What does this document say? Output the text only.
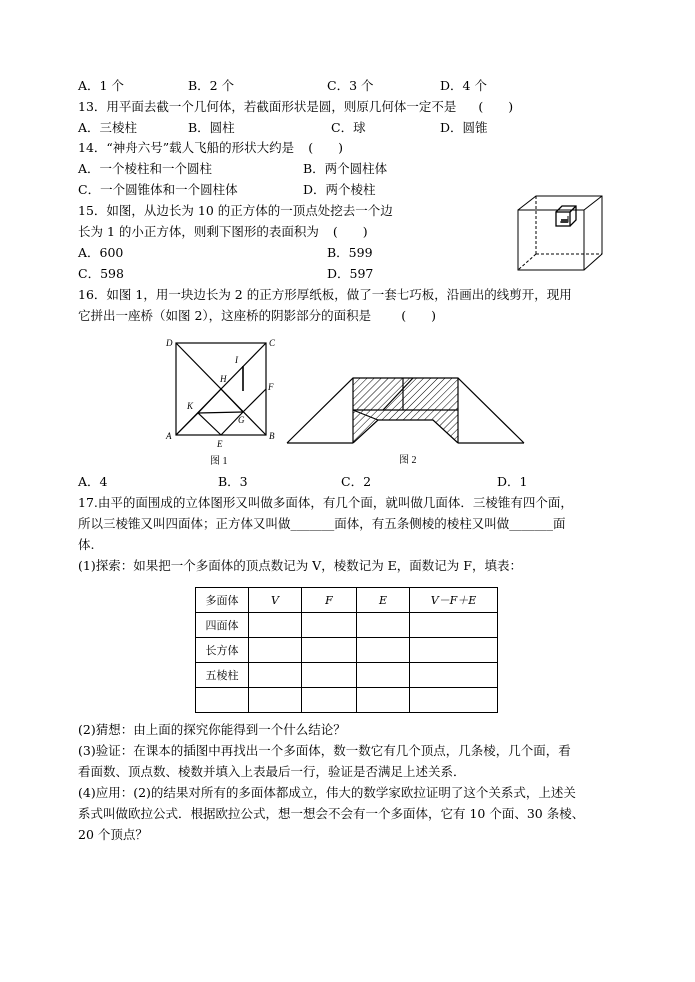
A．1 个	B．2 个	C．3 个	D．4 个
13．用平面去截一个几何体，若截面形状是圆，则原几何体一定不是 (　　)
A．三棱柱	B．圆柱	C．球	D．圆锥
14．“神舟六号”载人飞船的形状大约是 (　　)
A．一个棱柱和一个圆柱	B．两个圆柱体
C．一个圆锥体和一个圆柱体	D．两个棱柱
15．如图，从边长为 10 的正方体的一顶点处挖去一个边
长为 1 的小正方体，则剩下图形的表面积为 (　　)
A．600	B．599
C．598	D．597
16．如图 1，用一块边长为 2 的正方形厚纸板，做了一套七巧板，沿画出的线剪开，现用
它拼出一座桥（如图 2），这座桥的阴影部分的面积是 (　　)
D	C
A	B
E
F
H
I
K
G
图 1	图 2
A．4	B．3	C．2	D．1
17.由平的面围成的立体图形又叫做多面体，有几个面，就叫做几面体．三棱锥有四个面，
所以三棱锥又叫四面体；正方体又叫做_______面体，有五条侧棱的棱柱又叫做_______面
体.
(1)探索：如果把一个多面体的顶点数记为 V，棱数记为 E，面数记为 F，填表：
多面体	V	F	E	V－F＋E
四面体				
长方体				
五棱柱				

(2)猜想：由上面的探究你能得到一个什么结论？
(3)验证：在课本的插图中再找出一个多面体，数一数它有几个顶点，几条棱，几个面，看
看面数、顶点数、棱数并填入上表最后一行，验证是否满足上述关系．
(4)应用：(2)的结果对所有的多面体都成立，伟大的数学家欧拉证明了这个关系式，上述关
系式叫做欧拉公式．根据欧拉公式，想一想会不会有一个多面体，它有 10 个面、30 条棱、
20 个顶点？
